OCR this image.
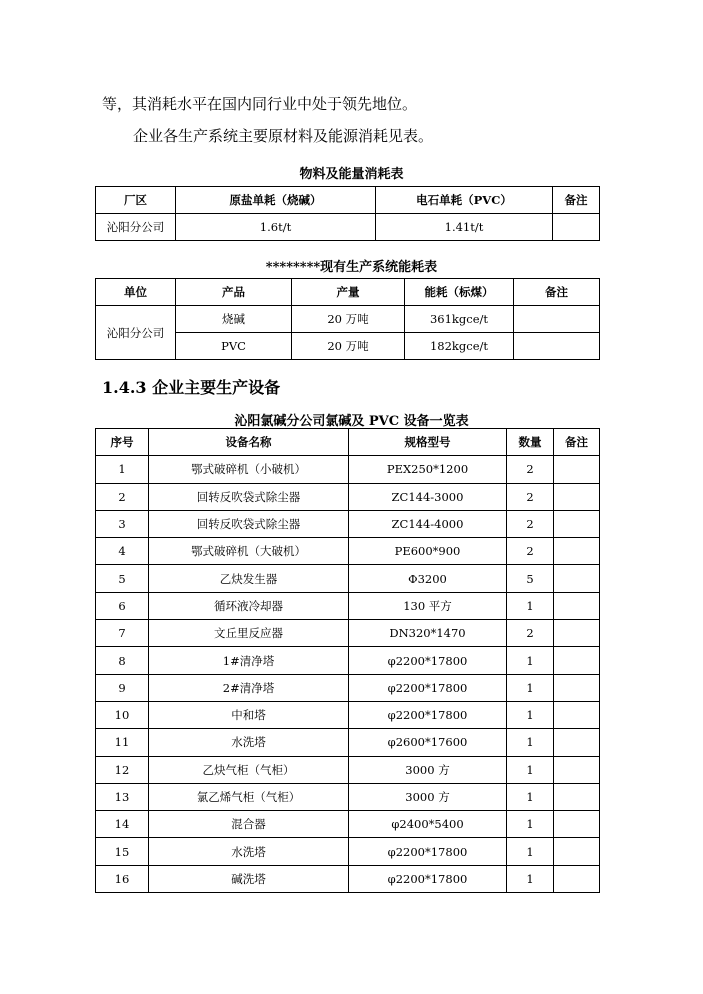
等，其消耗水平在国内同行业中处于领先地位。
企业各生产系统主要原材料及能源消耗见表。
物料及能量消耗表
厂区	原盐单耗（烧碱）	电石单耗（PVC）	备注
沁阳分公司	1.6t/t	1.41t/t	
********现有生产系统能耗表
单位	产品	产量	能耗（标煤）	备注
沁阳分公司	烧碱	20 万吨	361kgce/t	
	PVC	20 万吨	182kgce/t	
1.4.3 企业主要生产设备
沁阳氯碱分公司氯碱及 PVC 设备一览表
序号	设备名称	规格型号	数量	备注
1	鄂式破碎机（小破机）	PEX250*1200	2	
2	回转反吹袋式除尘器	ZC144-3000	2	
3	回转反吹袋式除尘器	ZC144-4000	2	
4	鄂式破碎机（大破机）	PE600*900	2	
5	乙炔发生器	Φ3200	5	
6	循环液冷却器	130 平方	1	
7	文丘里反应器	DN320*1470	2	
8	1#清净塔	φ2200*17800	1	
9	2#清净塔	φ2200*17800	1	
10	中和塔	φ2200*17800	1	
11	水洗塔	φ2600*17600	1	
12	乙炔气柜（气柜）	3000 方	1	
13	氯乙烯气柜（气柜）	3000 方	1	
14	混合器	φ2400*5400	1	
15	水洗塔	φ2200*17800	1	
16	碱洗塔	φ2200*17800	1	
